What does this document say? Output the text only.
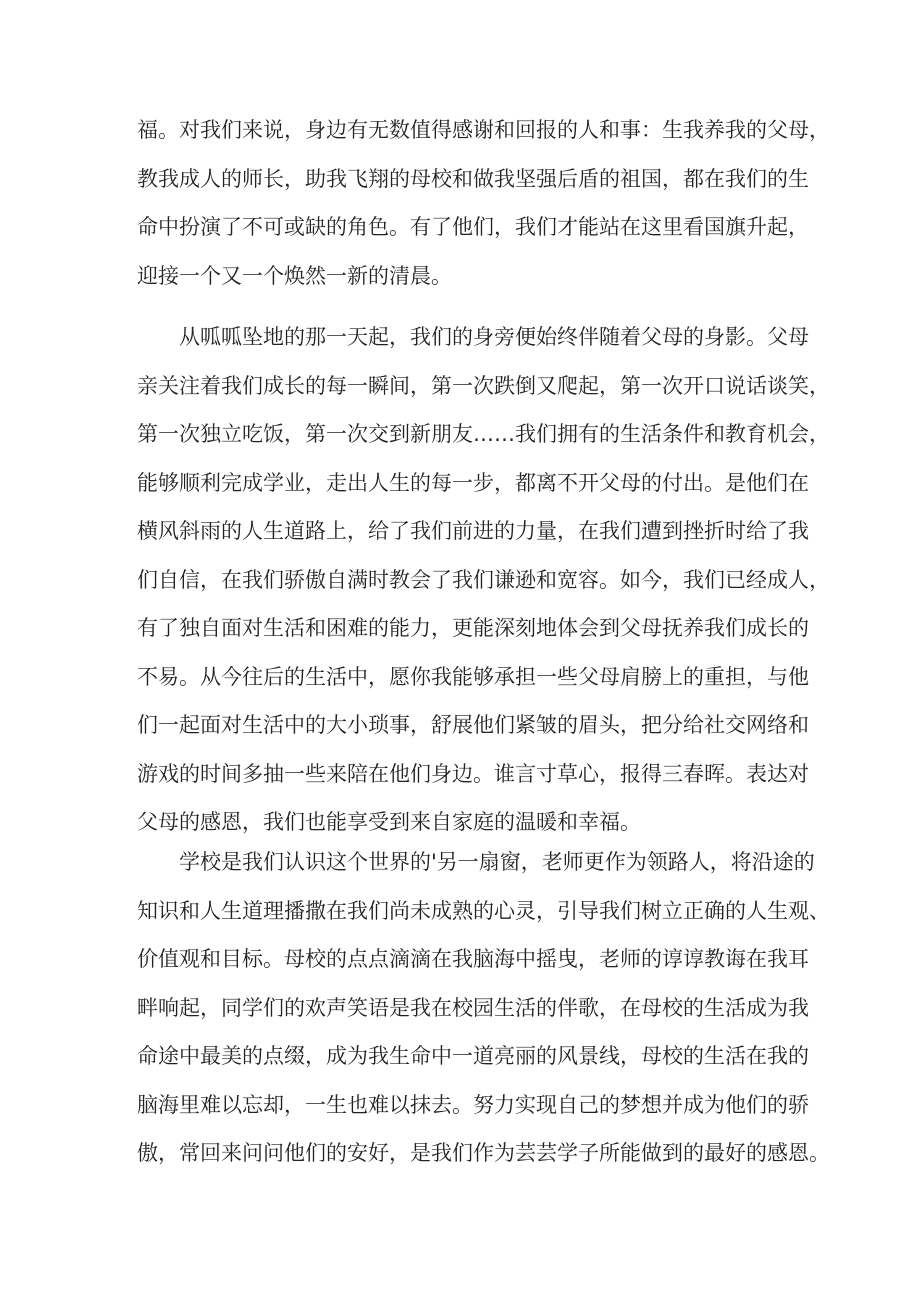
福。对我们来说，身边有无数值得感谢和回报的人和事：生我养我的父母，
教我成人的师长，助我飞翔的母校和做我坚强后盾的祖国，都在我们的生
命中扮演了不可或缺的角色。有了他们，我们才能站在这里看国旗升起，
迎接一个又一个焕然一新的清晨。
从呱呱坠地的那一天起，我们的身旁便始终伴随着父母的身影。父母
亲关注着我们成长的每一瞬间，第一次跌倒又爬起，第一次开口说话谈笑，
第一次独立吃饭，第一次交到新朋友……我们拥有的生活条件和教育机会，
能够顺利完成学业，走出人生的每一步，都离不开父母的付出。是他们在
横风斜雨的人生道路上，给了我们前进的力量，在我们遭到挫折时给了我
们自信，在我们骄傲自满时教会了我们谦逊和宽容。如今，我们已经成人，
有了独自面对生活和困难的能力，更能深刻地体会到父母抚养我们成长的
不易。从今往后的生活中，愿你我能够承担一些父母肩膀上的重担，与他
们一起面对生活中的大小琐事，舒展他们紧皱的眉头，把分给社交网络和
游戏的时间多抽一些来陪在他们身边。谁言寸草心，报得三春晖。表达对
父母的感恩，我们也能享受到来自家庭的温暖和幸福。
学校是我们认识这个世界的'另一扇窗，老师更作为领路人，将沿途的
知识和人生道理播撒在我们尚未成熟的心灵，引导我们树立正确的人生观、
价值观和目标。母校的点点滴滴在我脑海中摇曳，老师的谆谆教诲在我耳
畔响起，同学们的欢声笑语是我在校园生活的伴歌，在母校的生活成为我
命途中最美的点缀，成为我生命中一道亮丽的风景线，母校的生活在我的
脑海里难以忘却，一生也难以抹去。努力实现自己的梦想并成为他们的骄
傲，常回来问问他们的安好，是我们作为芸芸学子所能做到的最好的感恩。
